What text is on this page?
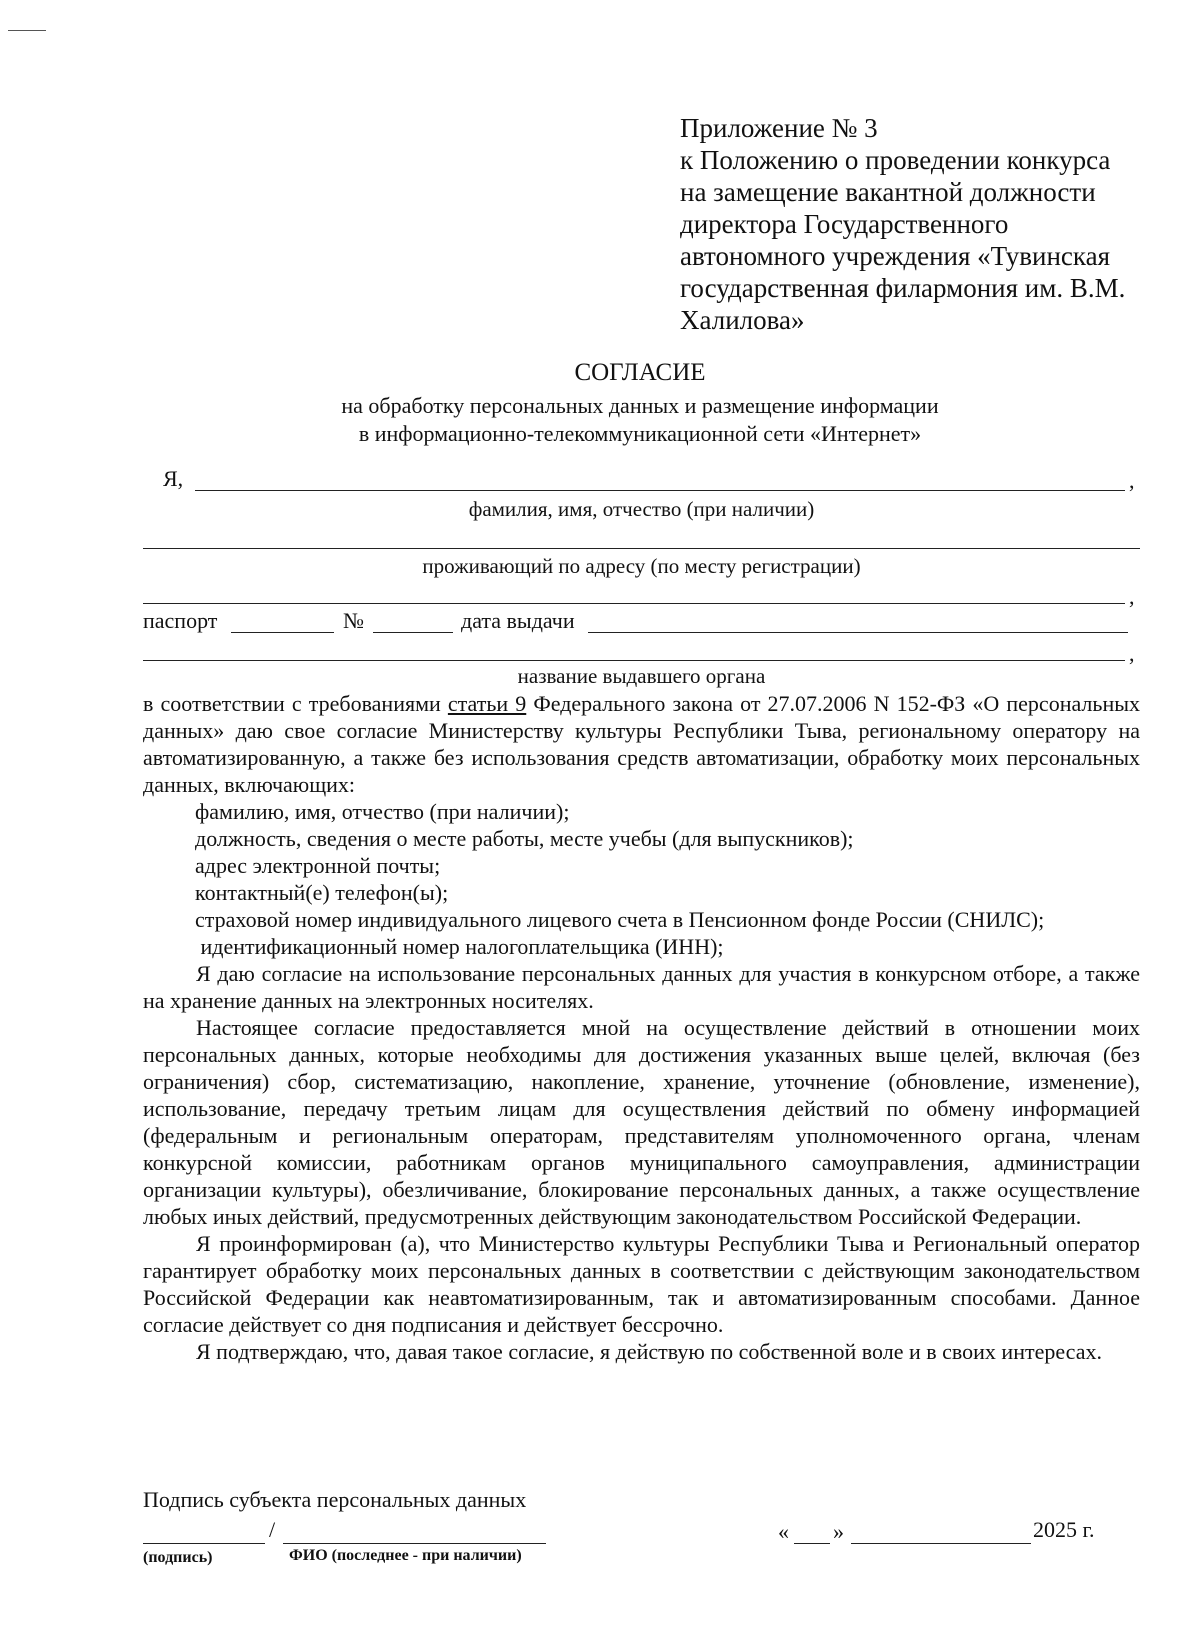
Приложение № 3
к Положению о проведении конкурса
на замещение вакантной должности
директора Государственного
автономного учреждения «Тувинская
государственная филармония им. В.М.
Халилова»
СОГЛАСИЕ
на обработку персональных данных и размещение информации
в информационно-телекоммуникационной сети «Интернет»
Я,	,
фамилия, имя, отчество (при наличии)
проживающий по адресу (по месту регистрации)
,
паспорт	№	дата выдачи
,
название выдавшего органа

в соответствии с требованиями статьи 9 Федерального закона от 27.07.2006 N 152-ФЗ «О персональных данных» даю свое согласие Министерству культуры Республики Тыва, региональному оператору на автоматизированную, а также без использования средств автоматизации, обработку моих персональных данных, включающих:

фамилию, имя, отчество (при наличии);
должность, сведения о месте работы, месте учебы (для выпускников);
адрес электронной почты;
контактный(е) телефон(ы);
страховой номер индивидуального лицевого счета в Пенсионном фонде России (СНИЛС);
идентификационный номер налогоплательщика (ИНН);

Я даю согласие на использование персональных данных для участия в конкурсном отборе, а также на хранение данных на электронных носителях.

Настоящее согласие предоставляется мной на осуществление действий в отношении моих персональных данных, которые необходимы для достижения указанных выше целей, включая (без ограничения) сбор, систематизацию, накопление, хранение, уточнение (обновление, изменение), использование, передачу третьим лицам для осуществления действий по обмену информацией (федеральным и региональным операторам, представителям уполномоченного органа, членам конкурсной комиссии, работникам органов муниципального самоуправления, администрации организации культуры), обезличивание, блокирование персональных данных, а также осуществление любых иных действий, предусмотренных действующим законодательством Российской Федерации.

Я проинформирован (а), что Министерство культуры Республики Тыва и Региональный оператор гарантирует обработку моих персональных данных в соответствии с действующим законодательством Российской Федерации как неавтоматизированным, так и автоматизированным способами. Данное согласие действует со дня подписания и действует бессрочно.

Я подтверждаю, что, давая такое согласие, я действую по собственной воле и в своих интересах.

Подпись субъекта персональных данных
/
(подпись)	ФИО (последнее - при наличии)
« »	2025 г.
